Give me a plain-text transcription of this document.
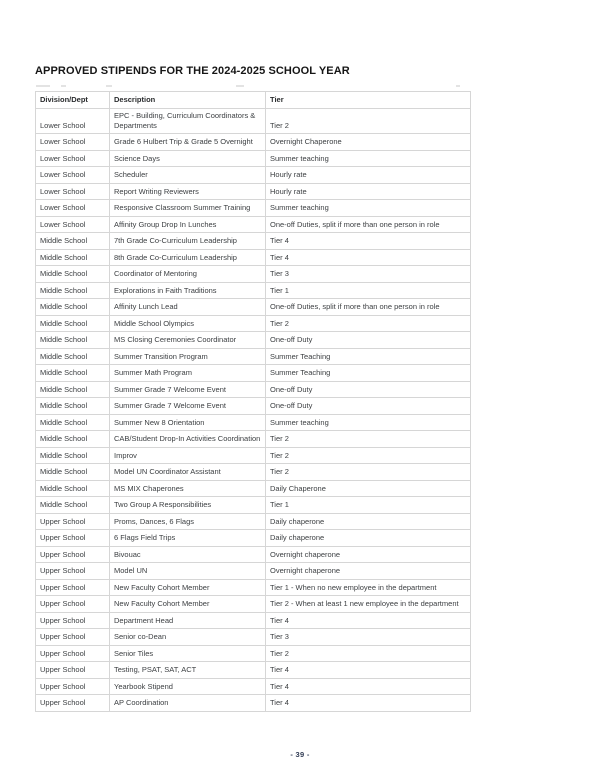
APPROVED STIPENDS FOR THE 2024-2025 SCHOOL YEAR
Division/Dept	Description	Tier
Lower School	EPC - Building, Curriculum Coordinators & Departments	Tier 2
Lower School	Grade 6 Hulbert Trip & Grade 5 Overnight	Overnight Chaperone
Lower School	Science Days	Summer teaching
Lower School	Scheduler	Hourly rate
Lower School	Report Writing Reviewers	Hourly rate
Lower School	Responsive Classroom Summer Training	Summer teaching
Lower School	Affinity Group Drop In Lunches	One-off Duties, split if more than one person in role
Middle School	7th Grade Co-Curriculum Leadership	Tier 4
Middle School	8th Grade Co-Curriculum Leadership	Tier 4
Middle School	Coordinator of Mentoring	Tier 3
Middle School	Explorations in Faith Traditions	Tier 1
Middle School	Affinity Lunch Lead	One-off Duties, split if more than one person in role
Middle School	Middle School Olympics	Tier 2
Middle School	MS Closing Ceremonies Coordinator	One-off Duty
Middle School	Summer Transition Program	Summer Teaching
Middle School	Summer Math Program	Summer Teaching
Middle School	Summer Grade 7 Welcome Event	One-off Duty
Middle School	Summer Grade 7 Welcome Event	One-off Duty
Middle School	Summer New 8 Orientation	Summer teaching
Middle School	CAB/Student Drop-In Activities Coordination	Tier 2
Middle School	Improv	Tier 2
Middle School	Model UN Coordinator Assistant	Tier 2
Middle School	MS MIX Chaperones	Daily Chaperone
Middle School	Two Group A Responsibilities	Tier 1
Upper School	Proms, Dances, 6 Flags	Daily chaperone
Upper School	6 Flags Field Trips	Daily chaperone
Upper School	Bivouac	Overnight chaperone
Upper School	Model UN	Overnight chaperone
Upper School	New Faculty Cohort Member	Tier 1 - When no new employee in the department
Upper School	New Faculty Cohort Member	Tier 2 - When at least 1 new employee in the department
Upper School	Department Head	Tier 4
Upper School	Senior co-Dean	Tier 3
Upper School	Senior Tiles	Tier 2
Upper School	Testing, PSAT, SAT, ACT	Tier 4
Upper School	Yearbook Stipend	Tier 4
Upper School	AP Coordination	Tier 4
- 39 -
